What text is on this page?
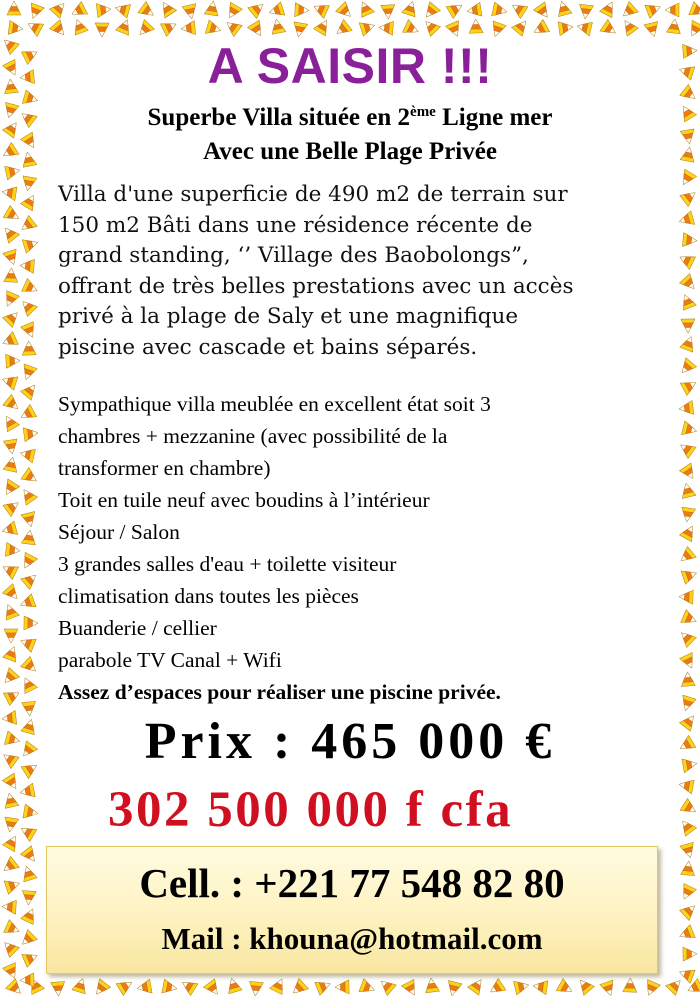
A SAISIR !!!
Superbe Villa située en 2ème Ligne mer
Avec une Belle Plage Privée
Villa d'une superficie de 490 m2 de terrain sur
150 m2 Bâti dans une résidence récente de
grand standing, ‘’ Village des Baobolongs”,
offrant de très belles prestations avec un accès
privé à la plage de Saly et une magnifique
piscine avec cascade et bains séparés.
Sympathique villa meublée en excellent état soit 3
chambres + mezzanine (avec possibilité de la
transformer en chambre)
Toit en tuile neuf avec boudins à l’intérieur
Séjour / Salon
3 grandes salles d'eau + toilette visiteur
climatisation dans toutes les pièces
Buanderie / cellier
parabole TV Canal + Wifi
Assez d’espaces pour réaliser une piscine privée.
Prix : 465 000 €
302 500 000 f cfa
Cell. : +221 77 548 82 80
Mail : khouna@hotmail.com
